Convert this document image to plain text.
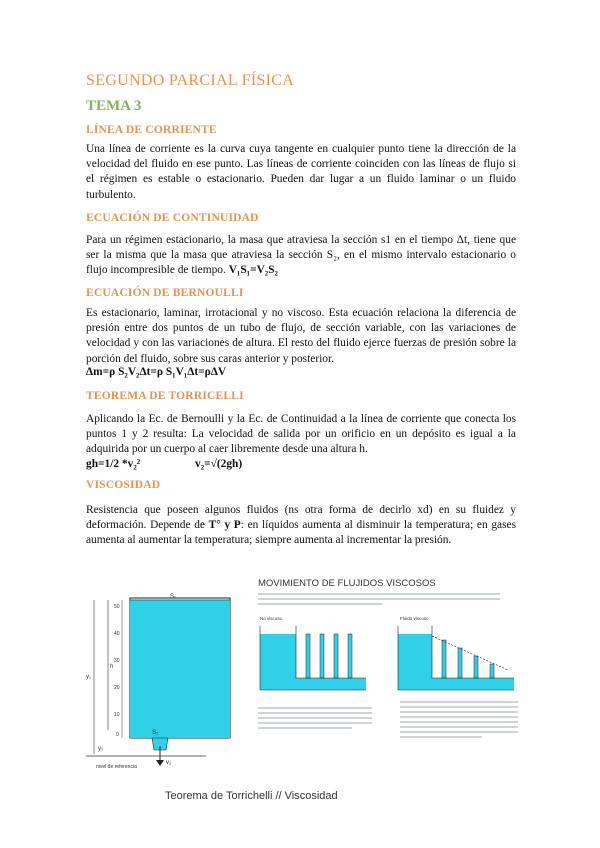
SEGUNDO PARCIAL FÍSICA
TEMA 3
LÍNEA DE CORRIENTE
Una línea de corriente es la curva cuya tangente en cualquier punto tiene la dirección de la velocidad del fluido en ese punto. Las líneas de corriente coinciden con las líneas de flujo si el régimen es estable o estacionario. Pueden dar lugar a un fluido laminar o un fluido turbulento.
ECUACIÓN DE CONTINUIDAD
Para un régimen estacionario, la masa que atraviesa la sección s1 en el tiempo Δt, tiene que ser la misma que la masa que atraviesa la sección S₂, en el mismo intervalo estacionario o flujo incompresible de tiempo. V₁S₁=V₂S₂
ECUACIÓN DE BERNOULLI
Es estacionario, laminar, irrotacional y no viscoso. Esta ecuación relaciona la diferencia de presión entre dos puntos de un tubo de flujo, de sección variable, con las variaciones de velocidad y con las variaciones de altura. El resto del fluido ejerce fuerzas de presión sobre la porción del fluido, sobre sus caras anterior y posterior.
Δm=ρ S₂V₂Δt=ρ S₁V₁Δt=ρΔV
TEOREMA DE TORRICELLI
Aplicando la Ec. de Bernoulli y la Ec. de Continuidad a la línea de corriente que conecta los puntos 1 y 2 resulta: La velocidad de salida por un orificio en un depósito es igual a la adquirida por un cuerpo al caer libremente desde una altura h.
gh=1/2 *v₂²	v₂=√(2gh)
VISCOSIDAD
Resistencia que poseen algunos fluidos (ns otra forma de decirlo xd) en su fluidez y deformación. Depende de T° y P: en líquidos aumenta al disminuir la temperatura; en gases aumenta al aumentar la temperatura; siempre aumenta al incrementar la presión.
50
40
30
20
10
0
h
y₁
y₂
S₁
S₂
v₂
nivel de referencia
MOVIMIENTO DE FLUJIDOS VISCOSOS
No viscoso	Fluido viscoso
Teorema de Torrichelli // Viscosidad
